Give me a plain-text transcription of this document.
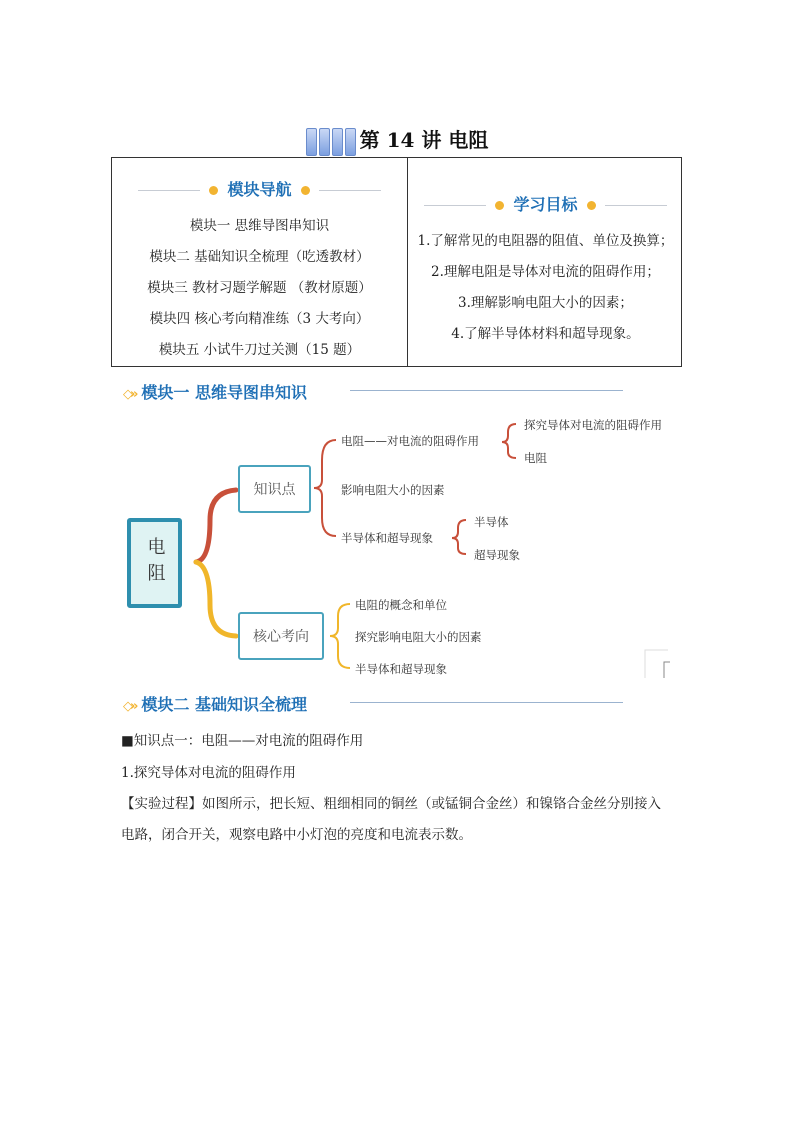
第 14 讲 电阻
模块导航
模块一 思维导图串知识
模块二 基础知识全梳理（吃透教材）
模块三 教材习题学解题 （教材原题）
模块四 核心考向精准练（3 大考向）
模块五 小试牛刀过关测（15 题）
学习目标
1.了解常见的电阻器的阻值、单位及换算；
2.理解电阻是导体对电流的阻碍作用；
3.理解影响电阻大小的因素；
4.了解半导体材料和超导现象。
◇» 模块一 思维导图串知识
电阻
知识点
核心考向
电阻——对电流的阻碍作用
影响电阻大小的因素
半导体和超导现象
探究导体对电流的阻碍作用
电阻
半导体
超导现象
电阻的概念和单位
探究影响电阻大小的因素
半导体和超导现象
◇» 模块二 基础知识全梳理
■知识点一：电阻——对电流的阻碍作用
1.探究导体对电流的阻碍作用
【实验过程】如图所示，把长短、粗细相同的铜丝（或锰铜合金丝）和镍铬合金丝分别接入
电路，闭合开关，观察电路中小灯泡的亮度和电流表示数。
